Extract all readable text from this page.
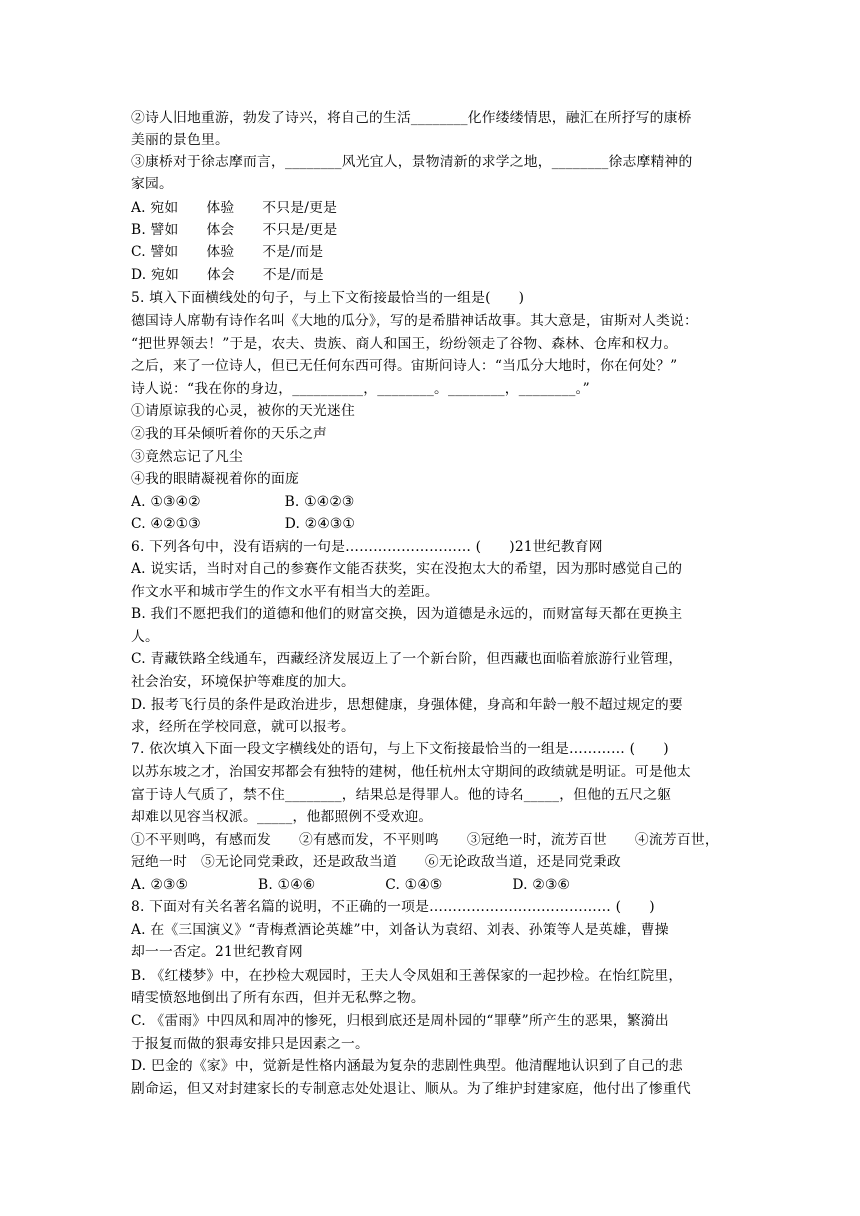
②诗人旧地重游，勃发了诗兴，将自己的生活________化作缕缕情思，融汇在所抒写的康桥
美丽的景色里。
③康桥对于徐志摩而言，________风光宜人，景物清新的求学之地，________徐志摩精神的
家园。
A. 宛如　　体验　　不只是/更是
B. 譬如　　体会　　不只是/更是
C. 譬如　　体验　　不是/而是
D. 宛如　　体会　　不是/而是
5. 填入下面横线处的句子，与上下文衔接最恰当的一组是(　　)
德国诗人席勒有诗作名叫《大地的瓜分》，写的是希腊神话故事。其大意是，宙斯对人类说：
“把世界领去！”于是，农夫、贵族、商人和国王，纷纷领走了谷物、森林、仓库和权力。
之后，来了一位诗人，但已无任何东西可得。宙斯问诗人：“当瓜分大地时，你在何处？”
诗人说：“我在你的身边，__________，________。________，________。”
①请原谅我的心灵，被你的天光迷住
②我的耳朵倾听着你的天乐之声
③竟然忘记了凡尘
④我的眼睛凝视着你的面庞
A. ①③④②　　　　　　B. ①④②③
C. ④②①③　　　　　　D. ②④③①
6. 下列各句中，没有语病的一句是……………………… (　　)21世纪教育网
A. 说实话，当时对自己的参赛作文能否获奖，实在没抱太大的希望，因为那时感觉自己的
作文水平和城市学生的作文水平有相当大的差距。
B. 我们不愿把我们的道德和他们的财富交换，因为道德是永远的，而财富每天都在更换主
人。
C. 青藏铁路全线通车，西藏经济发展迈上了一个新台阶，但西藏也面临着旅游行业管理，
社会治安，环境保护等难度的加大。
D. 报考飞行员的条件是政治进步，思想健康，身强体健，身高和年龄一般不超过规定的要
求，经所在学校同意，就可以报考。
7. 依次填入下面一段文字横线处的语句，与上下文衔接最恰当的一组是………… (　　)
以苏东坡之才，治国安邦都会有独特的建树，他任杭州太守期间的政绩就是明证。可是他太
富于诗人气质了，禁不住________，结果总是得罪人。他的诗名_____，但他的五尺之躯
却难以见容当权派。_____，他都照例不受欢迎。
①不平则鸣，有感而发　　②有感而发，不平则鸣　　③冠绝一时，流芳百世　　④流芳百世，
冠绝一时　⑤无论同党秉政，还是政敌当道　　⑥无论政敌当道，还是同党秉政
A. ②③⑤　　　　　B. ①④⑥　　　　　C. ①④⑤　　　　　D. ②③⑥
8. 下面对有关名著名篇的说明，不正确的一项是………………………………… (　　)
A. 在《三国演义》“青梅煮酒论英雄”中，刘备认为袁绍、刘表、孙策等人是英雄，曹操
却一一否定。21世纪教育网
B. 《红楼梦》中，在抄检大观园时，王夫人令凤姐和王善保家的一起抄检。在怡红院里，
晴雯愤怒地倒出了所有东西，但并无私弊之物。
C. 《雷雨》中四凤和周冲的惨死，归根到底还是周朴园的“罪孽”所产生的恶果，繁漪出
于报复而做的狠毒安排只是因素之一。
D. 巴金的《家》中，觉新是性格内涵最为复杂的悲剧性典型。他清醒地认识到了自己的悲
剧命运，但又对封建家长的专制意志处处退让、顺从。为了维护封建家庭，他付出了惨重代
